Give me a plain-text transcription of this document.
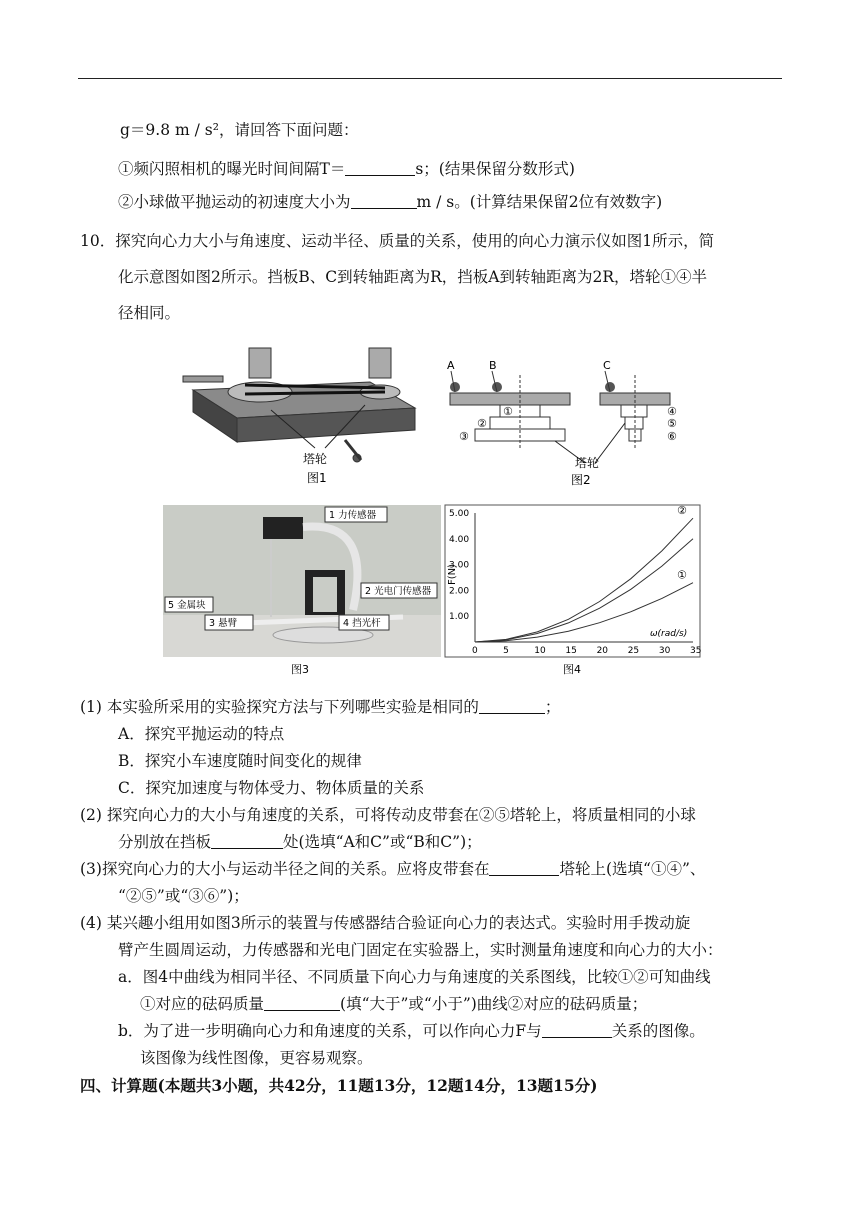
g＝9.8 m / s²，请回答下面问题：
①频闪照相机的曝光时间间隔T＝	s；(结果保留分数形式)
②小球做平抛运动的初速度大小为	m / s。(计算结果保留2位有效数字)
10．探究向心力大小与角速度、运动半径、质量的关系，使用的向心力演示仪如图1所示，简
化示意图如图2所示。挡板B、C到转轴距离为R，挡板A到转轴距离为2R，塔轮①④半
径相同。
塔轮
图1
A	B	C
①
②
③
④
⑤
⑥
塔轮
图2
1 力传感器
2 光电门传感器
5 金属块
3 悬臂	4 挡光杆
图3
0	5	10 15 20 25 30 35
1.00
2.00
3.00
4.00
5.00	②
①
F(N)
ω(rad/s)
图4
(1) 本实验所采用的实验探究方法与下列哪些实验是相同的	；
A．探究平抛运动的特点
B．探究小车速度随时间变化的规律
C．探究加速度与物体受力、物体质量的关系
(2) 探究向心力的大小与角速度的关系，可将传动皮带套在②⑤塔轮上，将质量相同的小球
分别放在挡板	处(选填“A和C”或“B和C”)；
(3)探究向心力的大小与运动半径之间的关系。应将皮带套在	塔轮上(选填“①④”、
“②⑤”或“③⑥”)；
(4) 某兴趣小组用如图3所示的装置与传感器结合验证向心力的表达式。实验时用手拨动旋
臂产生圆周运动，力传感器和光电门固定在实验器上，实时测量角速度和向心力的大小：
a．图4中曲线为相同半径、不同质量下向心力与角速度的关系图线，比较①②可知曲线
①对应的砝码质量	(填“大于”或“小于”)曲线②对应的砝码质量；
b．为了进一步明确向心力和角速度的关系，可以作向心力F与	关系的图像。
该图像为线性图像，更容易观察。
四、计算题(本题共3小题，共42分，11题13分，12题14分，13题15分)
